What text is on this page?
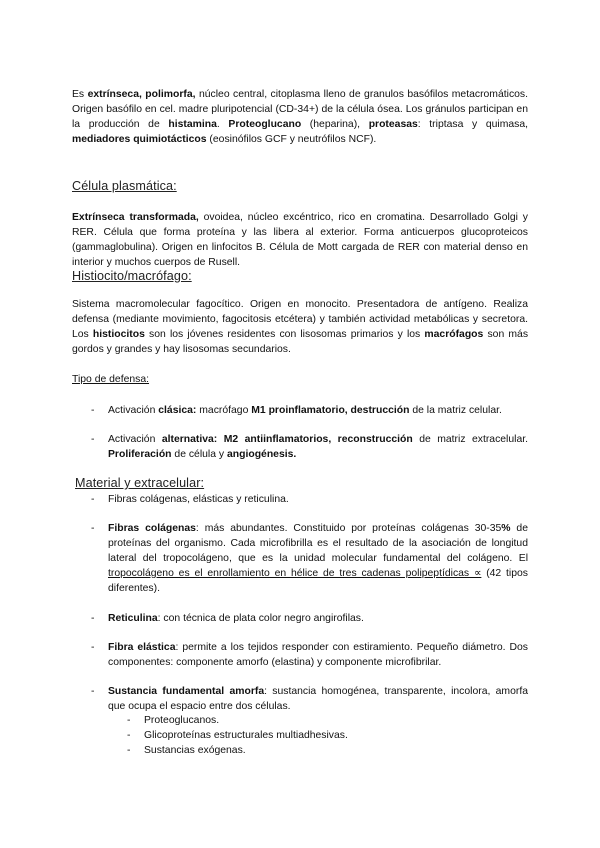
Es extrínseca, polimorfa, núcleo central, citoplasma lleno de granulos basófilos metacromáticos. Origen basófilo en cel. madre pluripotencial (CD-34+) de la célula ósea. Los gránulos participan en la producción de histamina. Proteoglucano (heparina), proteasas: triptasa y quimasa, mediadores quimiotácticos (eosinófilos GCF y neutrófilos NCF).

Célula plasmática:

Extrínseca transformada, ovoidea, núcleo excéntrico, rico en cromatina. Desarrollado Golgi y RER. Célula que forma proteína y las libera al exterior. Forma anticuerpos glucoproteicos (gammaglobulina). Origen en linfocitos B. Célula de Mott cargada de RER con material denso en interior y muchos cuerpos de Rusell.

Histiocito/macrófago:

Sistema macromolecular fagocítico. Origen en monocito. Presentadora de antígeno. Realiza defensa (mediante movimiento, fagocitosis etcétera) y también actividad metabólicas y secretora. Los histiocitos son los jóvenes residentes con lisosomas primarios y los macrófagos son más gordos y grandes y hay lisosomas secundarios.

Tipo de defensa:

-	Activación clásica: macrófago M1 proinflamatorio, destrucción de la matriz celular.
-	Activación alternativa: M2 antiinflamatorios, reconstrucción de matriz extracelular. Proliferación de célula y angiogénesis.
Material y extracelular:
-	Fibras colágenas, elásticas y reticulina.
-	Fibras colágenas: más abundantes. Constituido por proteínas colágenas 30-35% de proteínas del organismo. Cada microfibrilla es el resultado de la asociación de longitud lateral del tropocolágeno, que es la unidad molecular fundamental del colágeno. El tropocolágeno es el enrollamiento en hélice de tres cadenas polipeptídicas ∝ (42 tipos diferentes).
-	Reticulina: con técnica de plata color negro angirofilas.
-	Fibra elástica: permite a los tejidos responder con estiramiento. Pequeño diámetro. Dos componentes: componente amorfo (elastina) y componente microfibrilar.
-	Sustancia fundamental amorfa: sustancia homogénea, transparente, incolora, amorfa que ocupa el espacio entre dos células.

- Proteoglucanos.

- Glicoproteínas estructurales multiadhesivas.

- Sustancias exógenas.
